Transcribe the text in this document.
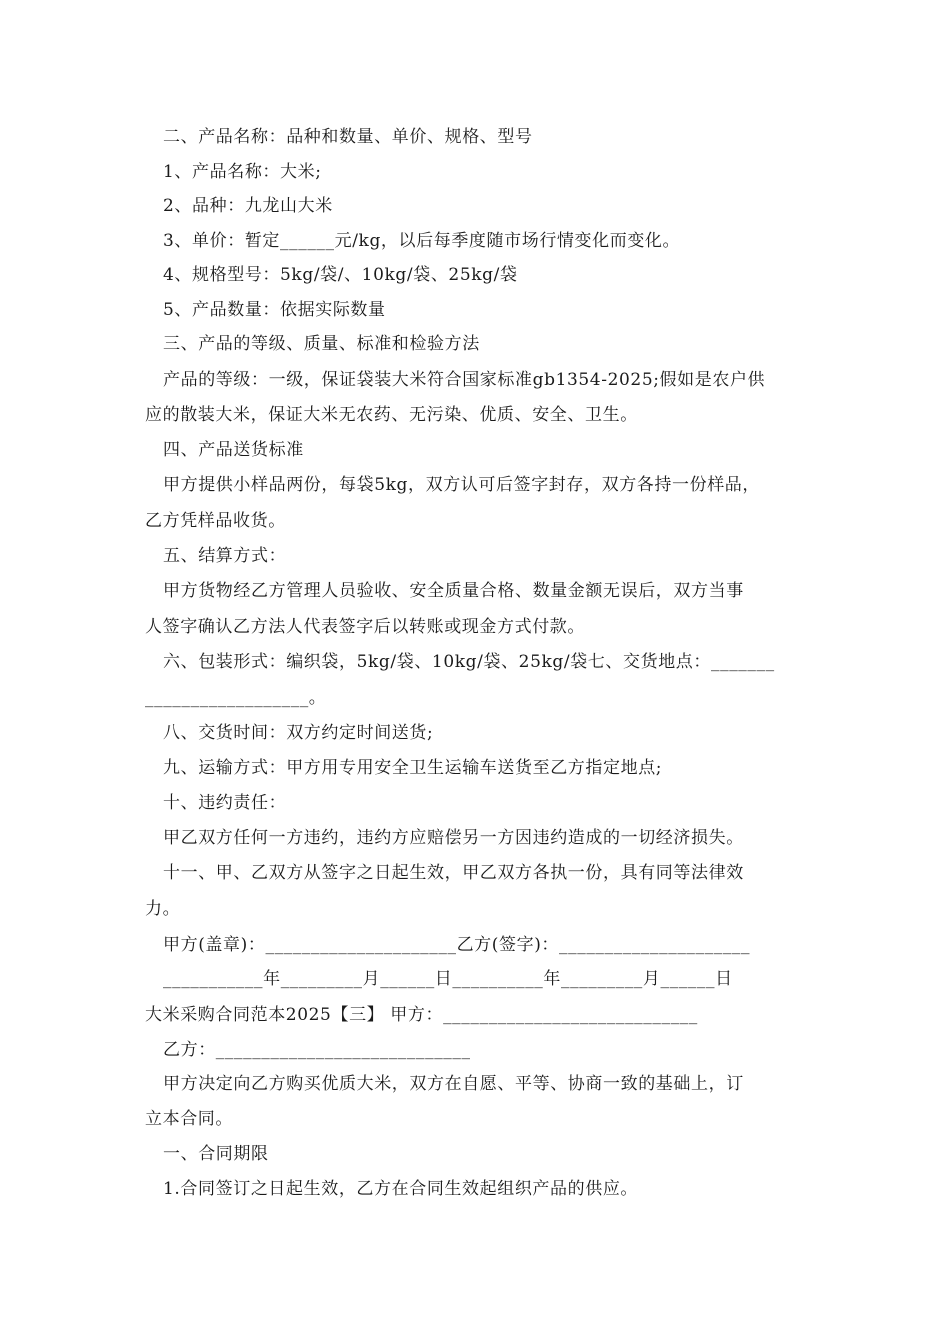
二、产品名称：品种和数量、单价、规格、型号
1、产品名称：大米;
2、品种：九龙山大米
3、单价：暂定______元/kg，以后每季度随市场行情变化而变化。
4、规格型号：5kg/袋/、10kg/袋、25kg/袋
5、产品数量：依据实际数量
三、产品的等级、质量、标准和检验方法
产品的等级：一级，保证袋装大米符合国家标准gb1354-2025;假如是农户供
应的散装大米，保证大米无农药、无污染、优质、安全、卫生。
四、产品送货标准
甲方提供小样品两份，每袋5kg，双方认可后签字封存，双方各持一份样品，
乙方凭样品收货。
五、结算方式：
甲方货物经乙方管理人员验收、安全质量合格、数量金额无误后，双方当事
人签字确认乙方法人代表签字后以转账或现金方式付款。
六、包装形式：编织袋，5kg/袋、10kg/袋、25kg/袋七、交货地点：_______
__________________。
八、交货时间：双方约定时间送货;
九、运输方式：甲方用专用安全卫生运输车送货至乙方指定地点;
十、违约责任：
甲乙双方任何一方违约，违约方应赔偿另一方因违约造成的一切经济损失。
十一、甲、乙双方从签字之日起生效，甲乙双方各执一份，具有同等法律效
力。
甲方(盖章)：_____________________乙方(签字)：_____________________
___________年_________月______日__________年_________月______日
大米采购合同范本2025【三】 甲方：____________________________
乙方：____________________________
甲方决定向乙方购买优质大米，双方在自愿、平等、协商一致的基础上，订
立本合同。
一、合同期限
1.合同签订之日起生效，乙方在合同生效起组织产品的供应。
